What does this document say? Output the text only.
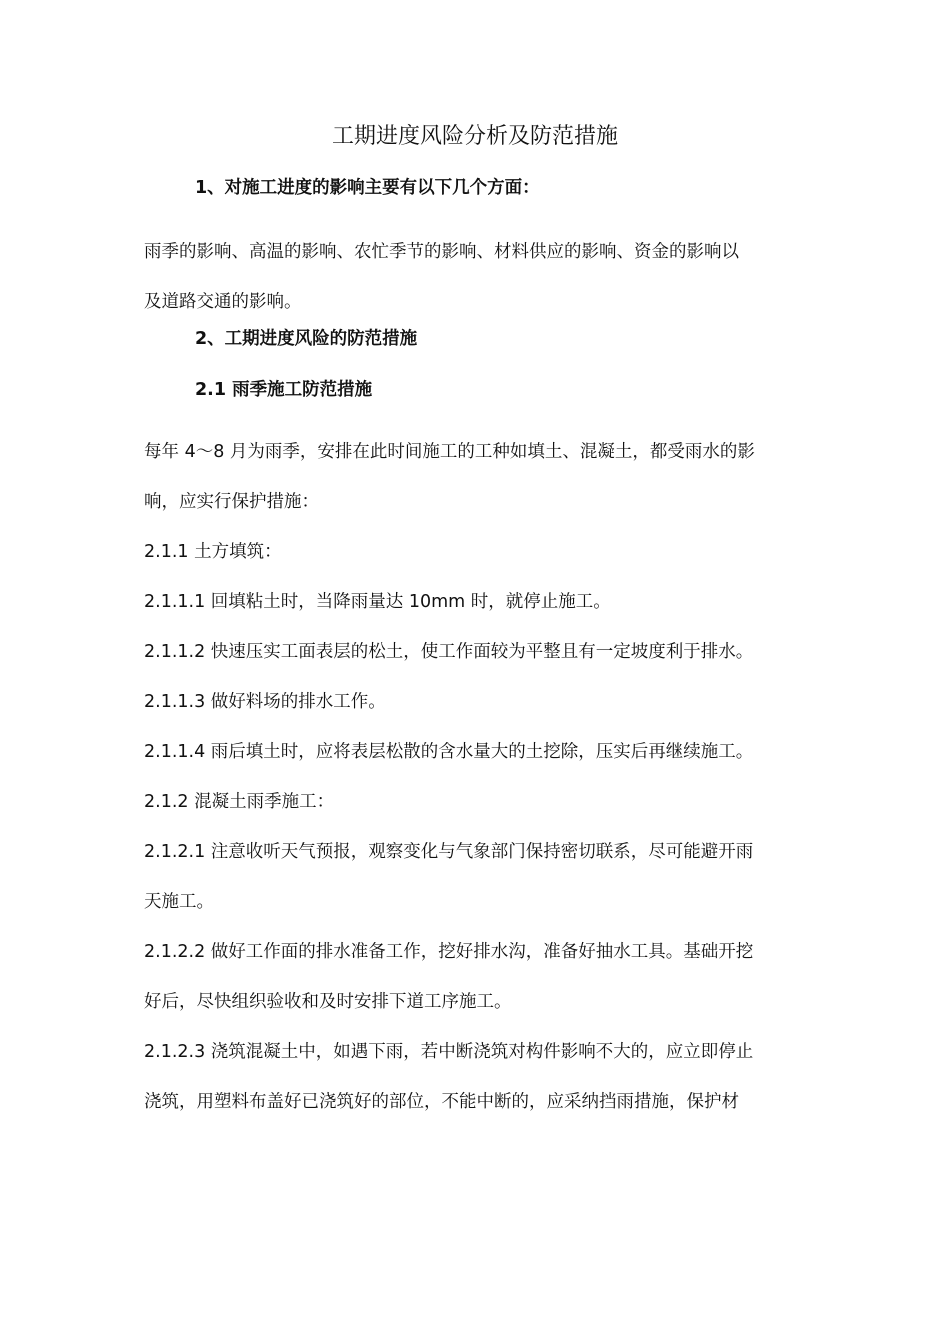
工期进度风险分析及防范措施

1、对施工进度的影响主要有以下几个方面：

雨季的影响、高温的影响、农忙季节的影响、材料供应的影响、资金的影响以

及道路交通的影响。

2、工期进度风险的防范措施

2.1 雨季施工防范措施

每年 4～8 月为雨季，安排在此时间施工的工种如填土、混凝土，都受雨水的影

响，应实行保护措施：

2.1.1 土方填筑：

2.1.1.1 回填粘土时，当降雨量达 10mm 时，就停止施工。

2.1.1.2 快速压实工面表层的松土，使工作面较为平整且有一定坡度利于排水。

2.1.1.3 做好料场的排水工作。

2.1.1.4 雨后填土时，应将表层松散的含水量大的土挖除，压实后再继续施工。

2.1.2 混凝土雨季施工：

2.1.2.1 注意收听天气预报，观察变化与气象部门保持密切联系，尽可能避开雨

天施工。

2.1.2.2 做好工作面的排水准备工作，挖好排水沟，准备好抽水工具。基础开挖

好后，尽快组织验收和及时安排下道工序施工。

2.1.2.3 浇筑混凝土中，如遇下雨，若中断浇筑对构件影响不大的，应立即停止

浇筑，用塑料布盖好已浇筑好的部位，不能中断的，应采纳挡雨措施，保护材
